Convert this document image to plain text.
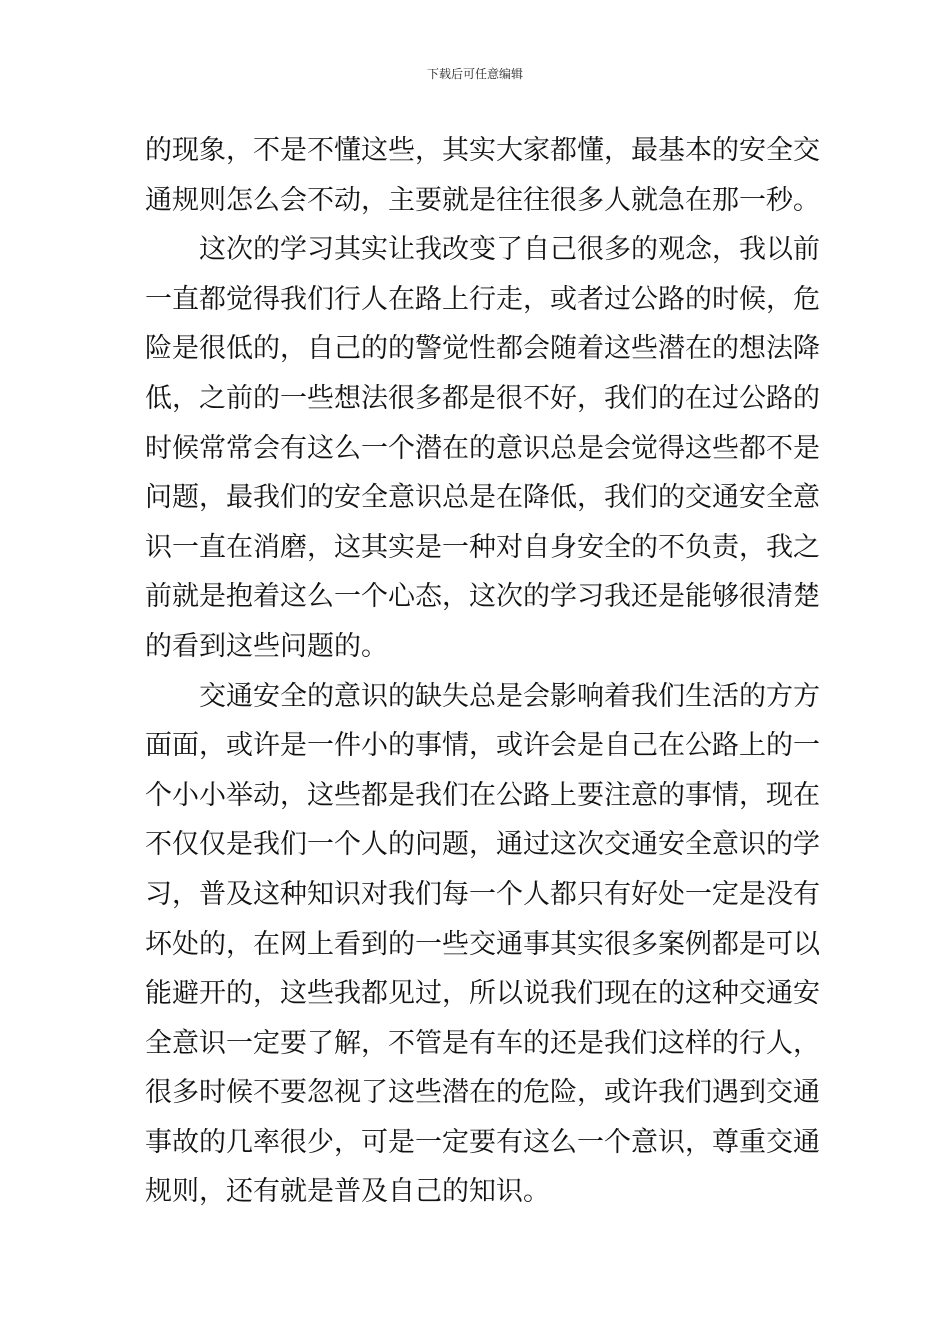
下载后可任意编辑
的现象，不是不懂这些，其实大家都懂，最基本的安全交
通规则怎么会不动，主要就是往往很多人就急在那一秒。
这次的学习其实让我改变了自己很多的观念，我以前
一直都觉得我们行人在路上行走，或者过公路的时候，危
险是很低的，自己的的警觉性都会随着这些潜在的想法降
低，之前的一些想法很多都是很不好，我们的在过公路的
时候常常会有这么一个潜在的意识总是会觉得这些都不是
问题，最我们的安全意识总是在降低，我们的交通安全意
识一直在消磨，这其实是一种对自身安全的不负责，我之
前就是抱着这么一个心态，这次的学习我还是能够很清楚
的看到这些问题的。
交通安全的意识的缺失总是会影响着我们生活的方方
面面，或许是一件小的事情，或许会是自己在公路上的一
个小小举动，这些都是我们在公路上要注意的事情，现在
不仅仅是我们一个人的问题，通过这次交通安全意识的学
习，普及这种知识对我们每一个人都只有好处一定是没有
坏处的，在网上看到的一些交通事其实很多案例都是可以
能避开的，这些我都见过，所以说我们现在的这种交通安
全意识一定要了解，不管是有车的还是我们这样的行人，
很多时候不要忽视了这些潜在的危险，或许我们遇到交通
事故的几率很少，可是一定要有这么一个意识，尊重交通
规则，还有就是普及自己的知识。
